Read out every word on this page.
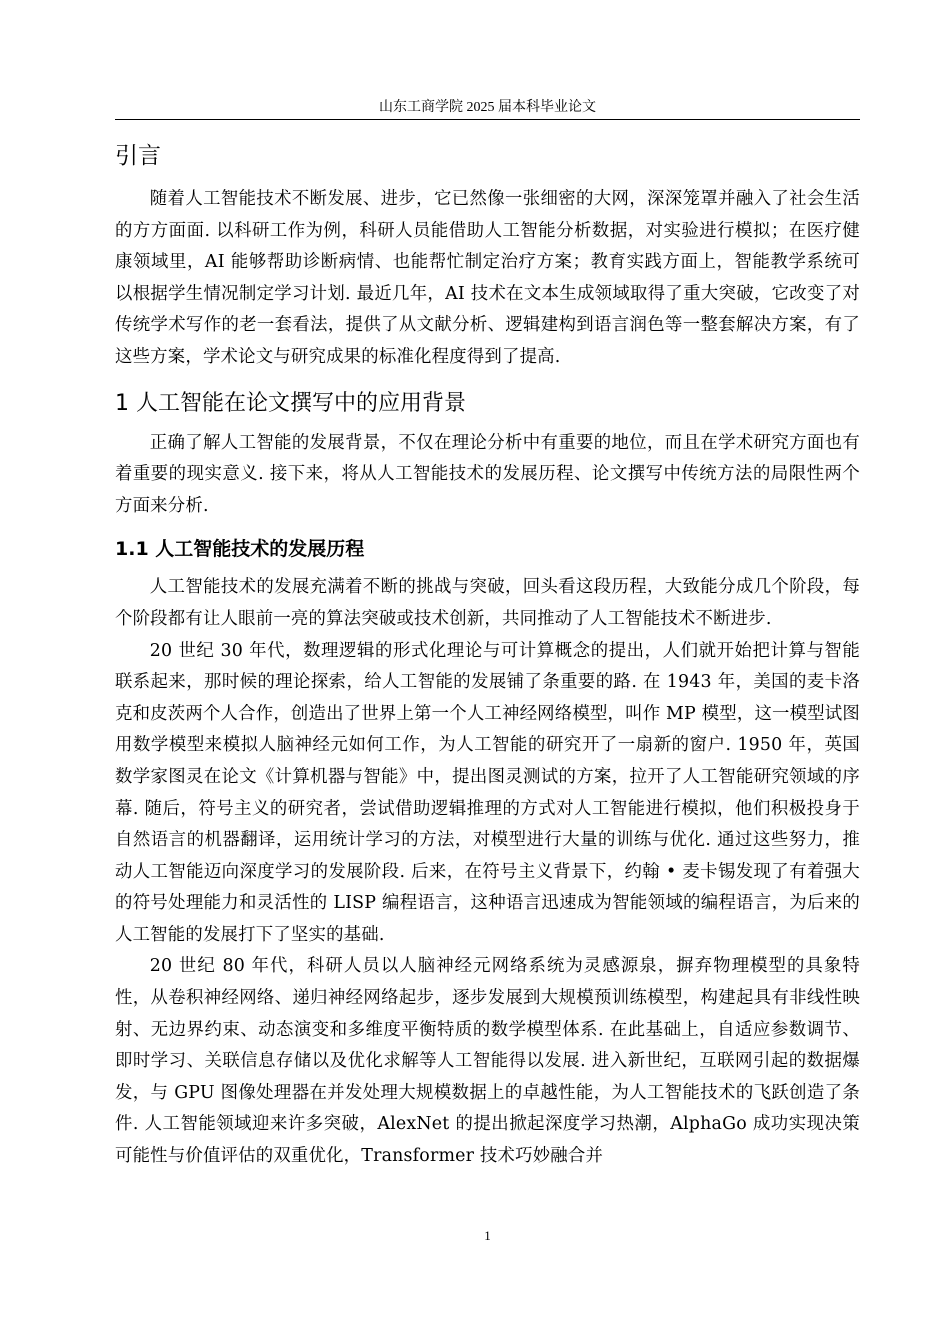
山东工商学院 2025 届本科毕业论文
引言

随着人工智能技术不断发展、进步，它已然像一张细密的大网，深深笼罩并融入了社会生活的方方面面. 以科研工作为例，科研人员能借助人工智能分析数据，对实验进行模拟；在医疗健康领域里，AI 能够帮助诊断病情、也能帮忙制定治疗方案；教育实践方面上，智能教学系统可以根据学生情况制定学习计划. 最近几年，AI 技术在文本生成领域取得了重大突破，它改变了对传统学术写作的老一套看法，提供了从文献分析、逻辑建构到语言润色等一整套解决方案，有了这些方案，学术论文与研究成果的标准化程度得到了提高.

1 人工智能在论文撰写中的应用背景

正确了解人工智能的发展背景，不仅在理论分析中有重要的地位，而且在学术研究方面也有着重要的现实意义. 接下来，将从人工智能技术的发展历程、论文撰写中传统方法的局限性两个方面来分析.

1.1 人工智能技术的发展历程

人工智能技术的发展充满着不断的挑战与突破，回头看这段历程，大致能分成几个阶段，每个阶段都有让人眼前一亮的算法突破或技术创新，共同推动了人工智能技术不断进步.

20 世纪 30 年代，数理逻辑的形式化理论与可计算概念的提出，人们就开始把计算与智能联系起来，那时候的理论探索，给人工智能的发展铺了条重要的路. 在 1943 年，美国的麦卡洛克和皮茨两个人合作，创造出了世界上第一个人工神经网络模型，叫作 MP 模型，这一模型试图用数学模型来模拟人脑神经元如何工作，为人工智能的研究开了一扇新的窗户. 1950 年，英国数学家图灵在论文《计算机器与智能》中，提出图灵测试的方案，拉开了人工智能研究领域的序幕. 随后，符号主义的研究者，尝试借助逻辑推理的方式对人工智能进行模拟，他们积极投身于自然语言的机器翻译，运用统计学习的方法，对模型进行大量的训练与优化. 通过这些努力，推动人工智能迈向深度学习的发展阶段. 后来，在符号主义背景下，约翰 • 麦卡锡发现了有着强大的符号处理能力和灵活性的 LISP 编程语言，这种语言迅速成为智能领域的编程语言，为后来的人工智能的发展打下了坚实的基础.

20 世纪 80 年代，科研人员以人脑神经元网络系统为灵感源泉，摒弃物理模型的具象特性，从卷积神经网络、递归神经网络起步，逐步发展到大规模预训练模型，构建起具有非线性映射、无边界约束、动态演变和多维度平衡特质的数学模型体系. 在此基础上，自适应参数调节、即时学习、关联信息存储以及优化求解等人工智能得以发展. 进入新世纪，互联网引起的数据爆发，与 GPU 图像处理器在并发处理大规模数据上的卓越性能，为人工智能技术的飞跃创造了条件. 人工智能领域迎来许多突破，AlexNet 的提出掀起深度学习热潮，AlphaGo 成功实现决策可能性与价值评估的双重优化，Transformer 技术巧妙融合并

1
